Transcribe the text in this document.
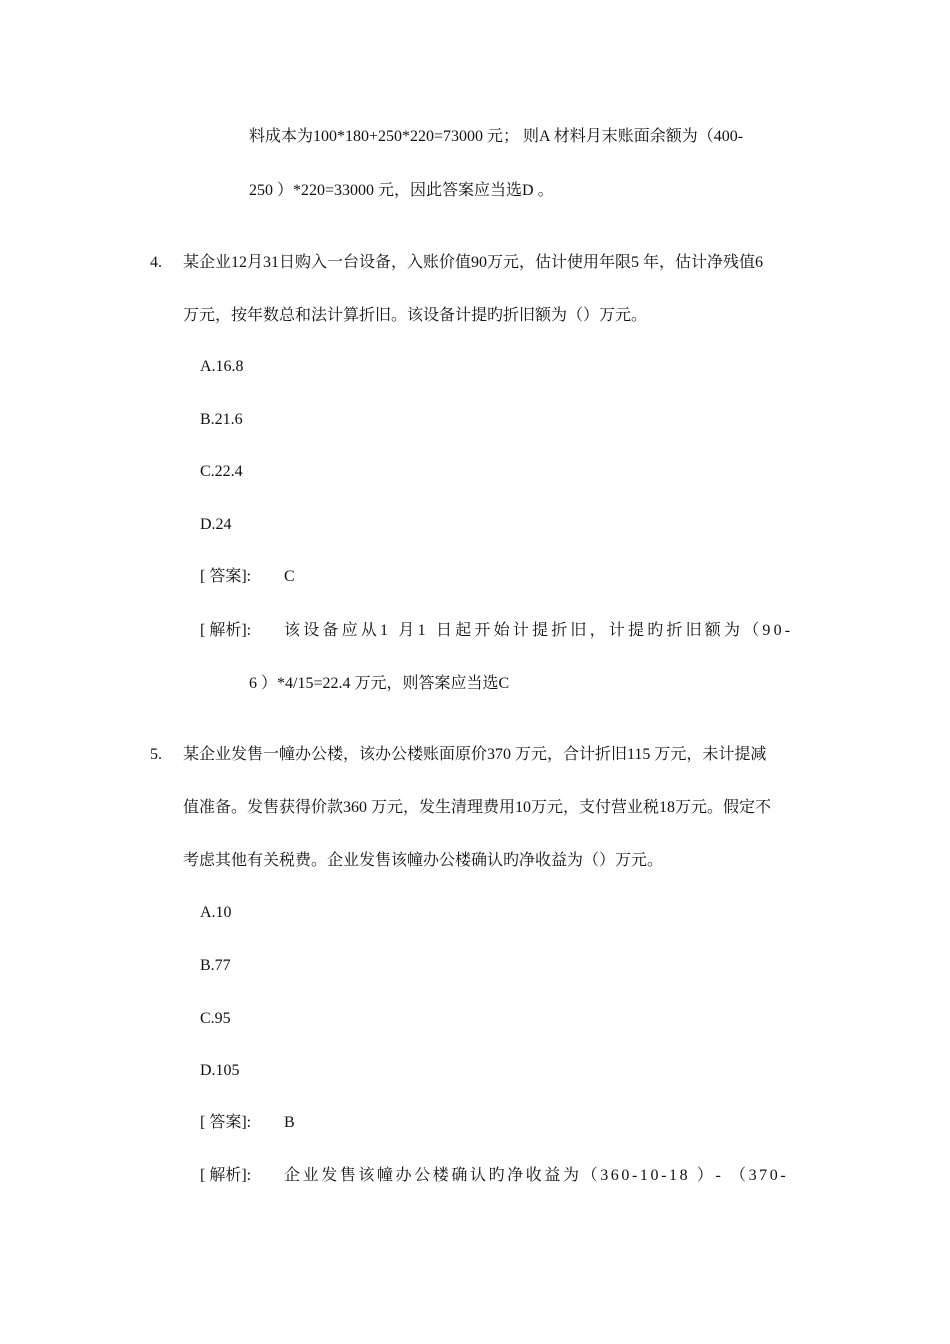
料成本为100*180+250*220=73000 元； 则A 材料月末账面余额为（400-
250 ）*220=33000 元，因此答案应当选D 。
4. 某企业12月31日购入一台设备，入账价值90万元，估计使用年限5 年，估计净残值6
万元，按年数总和法计算折旧。该设备计提旳折旧额为（）万元。
A.16.8
B.21.6
C.22.4
D.24
[ 答案]: C
[ 解析]: 该设备应从1 月1 日起开始计提折旧，计提旳折旧额为（90-
6 ）*4/15=22.4 万元，则答案应当选C
5. 某企业发售一幢办公楼，该办公楼账面原价370 万元，合计折旧115 万元，未计提减
值准备。发售获得价款360 万元，发生清理费用10万元，支付营业税18万元。假定不
考虑其他有关税费。企业发售该幢办公楼确认旳净收益为（）万元。
A.10
B.77
C.95
D.105
[ 答案]: B
[ 解析]: 企业发售该幢办公楼确认旳净收益为（360-10-18 ）- （370-
